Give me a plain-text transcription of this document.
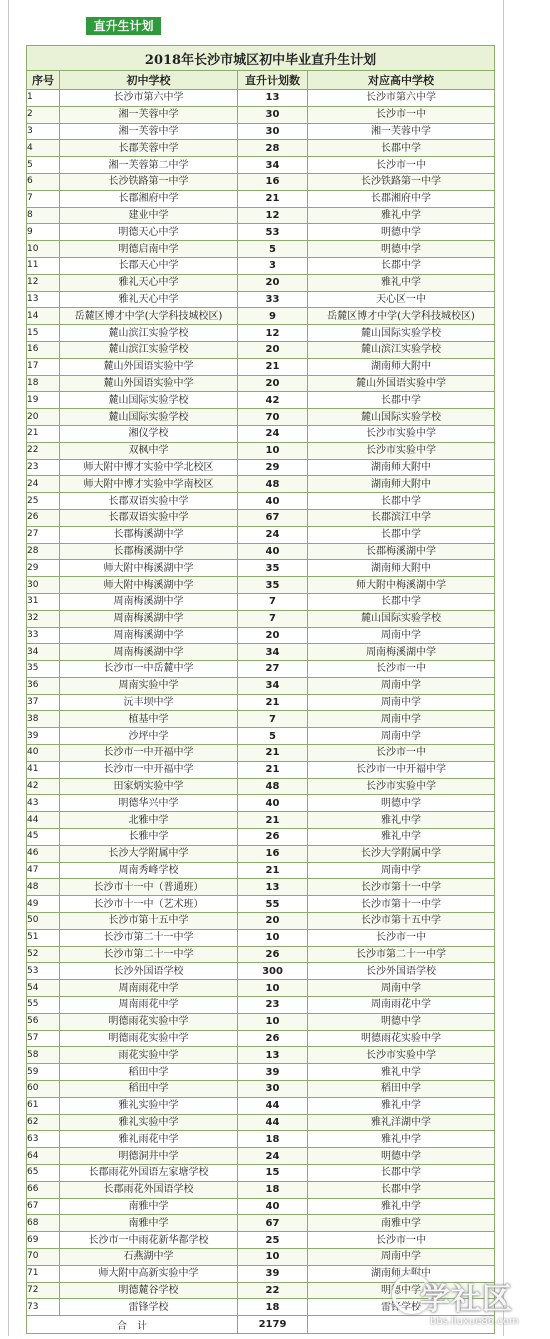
直升生计划
2018年长沙市城区初中毕业直升生计划			
序号	初中学校	直升计划数	对应高中学校
1	长沙市第六中学	13	长沙市第六中学
2	湘一芙蓉中学	30	长沙市一中
3	湘一芙蓉中学	30	湘一芙蓉中学
4	长郡芙蓉中学	28	长郡中学
5	湘一芙蓉第二中学	34	长沙市一中
6	长沙铁路第一中学	16	长沙铁路第一中学
7	长郡湘府中学	21	长郡湘府中学
8	建业中学	12	雅礼中学
9	明德天心中学	53	明德中学
10	明德启南中学	5	明德中学
11	长郡天心中学	3	长郡中学
12	雅礼天心中学	20	雅礼中学
13	雅礼天心中学	33	天心区一中
14	岳麓区博才中学(大学科技城校区)	9	岳麓区博才中学(大学科技城校区)
15	麓山滨江实验学校	12	麓山国际实验学校
16	麓山滨江实验学校	20	麓山滨江实验学校
17	麓山外国语实验中学	21	湖南师大附中
18	麓山外国语实验中学	20	麓山外国语实验中学
19	麓山国际实验学校	42	长郡中学
20	麓山国际实验学校	70	麓山国际实验学校
21	湘仪学校	24	长沙市实验中学
22	双枫中学	10	长沙市实验中学
23	师大附中博才实验中学北校区	29	湖南师大附中
24	师大附中博才实验中学南校区	48	湖南师大附中
25	长郡双语实验中学	40	长郡中学
26	长郡双语实验中学	67	长郡滨江中学
27	长郡梅溪湖中学	24	长郡中学
28	长郡梅溪湖中学	40	长郡梅溪湖中学
29	师大附中梅溪湖中学	35	湖南师大附中
30	师大附中梅溪湖中学	35	师大附中梅溪湖中学
31	周南梅溪湖中学	7	长郡中学
32	周南梅溪湖中学	7	麓山国际实验学校
33	周南梅溪湖中学	20	周南中学
34	周南梅溪湖中学	34	周南梅溪湖中学
35	长沙市一中岳麓中学	27	长沙市一中
36	周南实验中学	34	周南中学
37	沅丰坝中学	21	周南中学
38	植基中学	7	周南中学
39	沙坪中学	5	周南中学
40	长沙市一中开福中学	21	长沙市一中
41	长沙市一中开福中学	21	长沙市一中开福中学
42	田家炳实验中学	48	长沙市实验中学
43	明德华兴中学	40	明德中学
44	北雅中学	21	雅礼中学
45	长雅中学	26	雅礼中学
46	长沙大学附属中学	16	长沙大学附属中学
47	周南秀峰学校	21	周南中学
48	长沙市十一中（普通班）	13	长沙市第十一中学
49	长沙市十一中（艺术班）	55	长沙市第十一中学
50	长沙市第十五中学	20	长沙市第十五中学
51	长沙市第二十一中学	10	长沙市一中
52	长沙市第二十一中学	26	长沙市第二十一中学
53	长沙外国语学校	300	长沙外国语学校
54	周南雨花中学	10	周南中学
55	周南雨花中学	23	周南雨花中学
56	明德雨花实验中学	10	明德中学
57	明德雨花实验中学	26	明德雨花实验中学
58	雨花实验中学	13	长沙市实验中学
59	稻田中学	39	雅礼中学
60	稻田中学	30	稻田中学
61	雅礼实验中学	44	雅礼中学
62	雅礼实验中学	44	雅礼洋湖中学
63	雅礼雨花中学	18	雅礼中学
64	明德洞井中学	24	明德中学
65	长郡雨花外国语左家塘学校	15	长郡中学
66	长郡雨花外国语学校	18	长郡中学
67	南雅中学	40	雅礼中学
68	南雅中学	67	南雅中学
69	长沙市一中雨花新华都学校	25	长沙市一中
70	石燕湖中学	10	周南中学
71	师大附中高新实验中学	39	湖南师大附中
72	明德麓谷学校	22	明德中学
73	雷锋学校	18	雷锋学校
合　计		2179	
学社区
bbs.liuxue86.com
